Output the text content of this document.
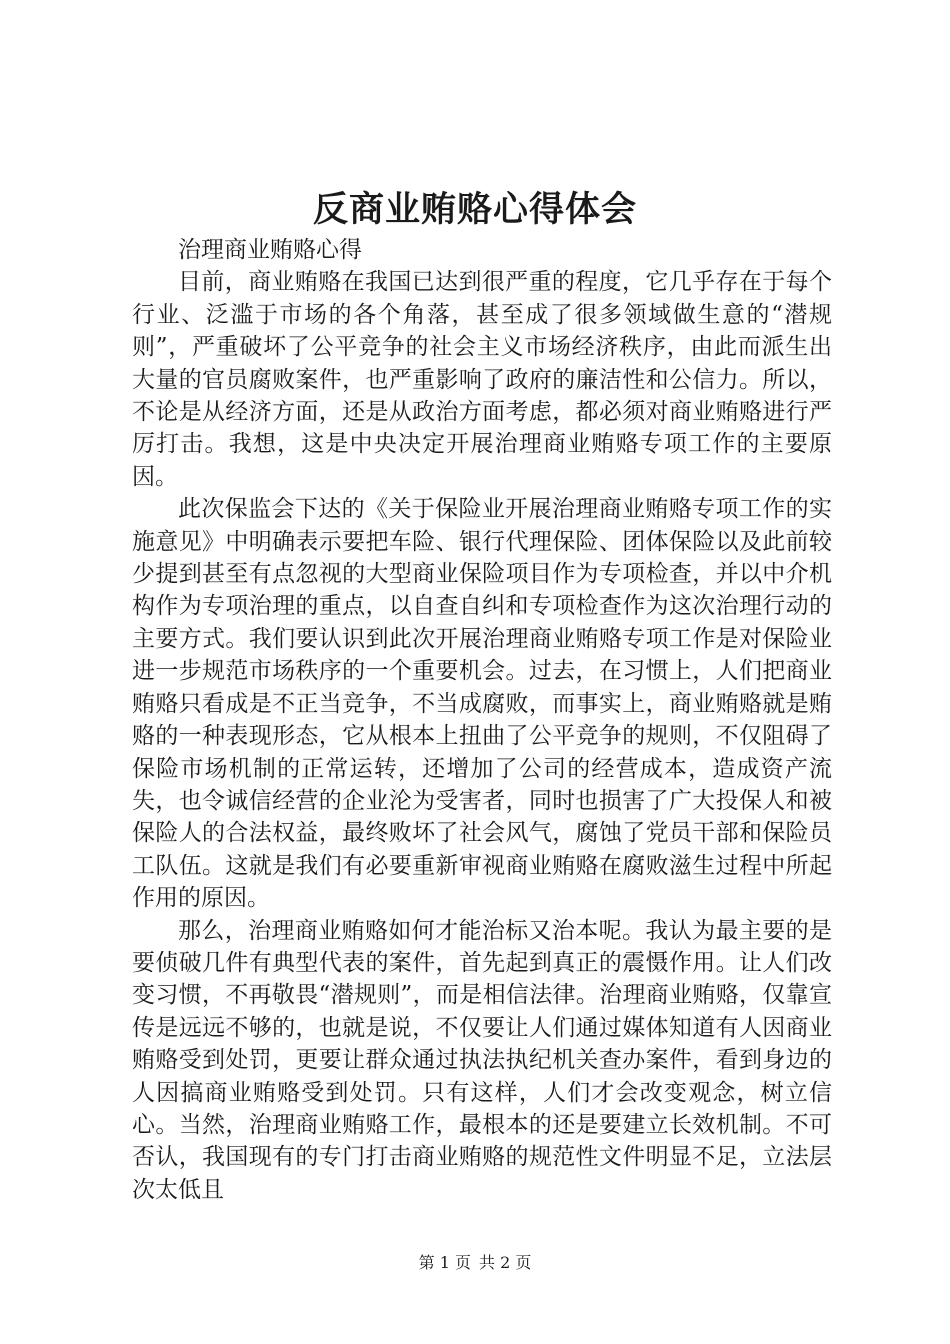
反商业贿赂心得体会

治理商业贿赂心得

目前，商业贿赂在我国已达到很严重的程度，它几乎存在于每个行业、泛滥于市场的各个角落，甚至成了很多领域做生意的“潜规则”，严重破坏了公平竞争的社会主义市场经济秩序，由此而派生出大量的官员腐败案件，也严重影响了政府的廉洁性和公信力。所以，不论是从经济方面，还是从政治方面考虑，都必须对商业贿赂进行严厉打击。我想，这是中央决定开展治理商业贿赂专项工作的主要原因。

此次保监会下达的《关于保险业开展治理商业贿赂专项工作的实施意见》中明确表示要把车险、银行代理保险、团体保险以及此前较少提到甚至有点忽视的大型商业保险项目作为专项检查，并以中介机构作为专项治理的重点，以自查自纠和专项检查作为这次治理行动的主要方式。我们要认识到此次开展治理商业贿赂专项工作是对保险业进一步规范市场秩序的一个重要机会。过去，在习惯上，人们把商业贿赂只看成是不正当竞争，不当成腐败，而事实上，商业贿赂就是贿赂的一种表现形态，它从根本上扭曲了公平竞争的规则，不仅阻碍了保险市场机制的正常运转，还增加了公司的经营成本，造成资产流失，也令诚信经营的企业沦为受害者，同时也损害了广大投保人和被保险人的合法权益，最终败坏了社会风气，腐蚀了党员干部和保险员工队伍。这就是我们有必要重新审视商业贿赂在腐败滋生过程中所起作用的原因。

那么，治理商业贿赂如何才能治标又治本呢。我认为最主要的是要侦破几件有典型代表的案件，首先起到真正的震慑作用。让人们改变习惯，不再敬畏“潜规则”，而是相信法律。治理商业贿赂，仅靠宣传是远远不够的，也就是说，不仅要让人们通过媒体知道有人因商业贿赂受到处罚，更要让群众通过执法执纪机关查办案件，看到身边的人因搞商业贿赂受到处罚。只有这样，人们才会改变观念，树立信心。当然，治理商业贿赂工作，最根本的还是要建立长效机制。不可否认，我国现有的专门打击商业贿赂的规范性文件明显不足，立法层次太低且

第 1 页 共 2 页
